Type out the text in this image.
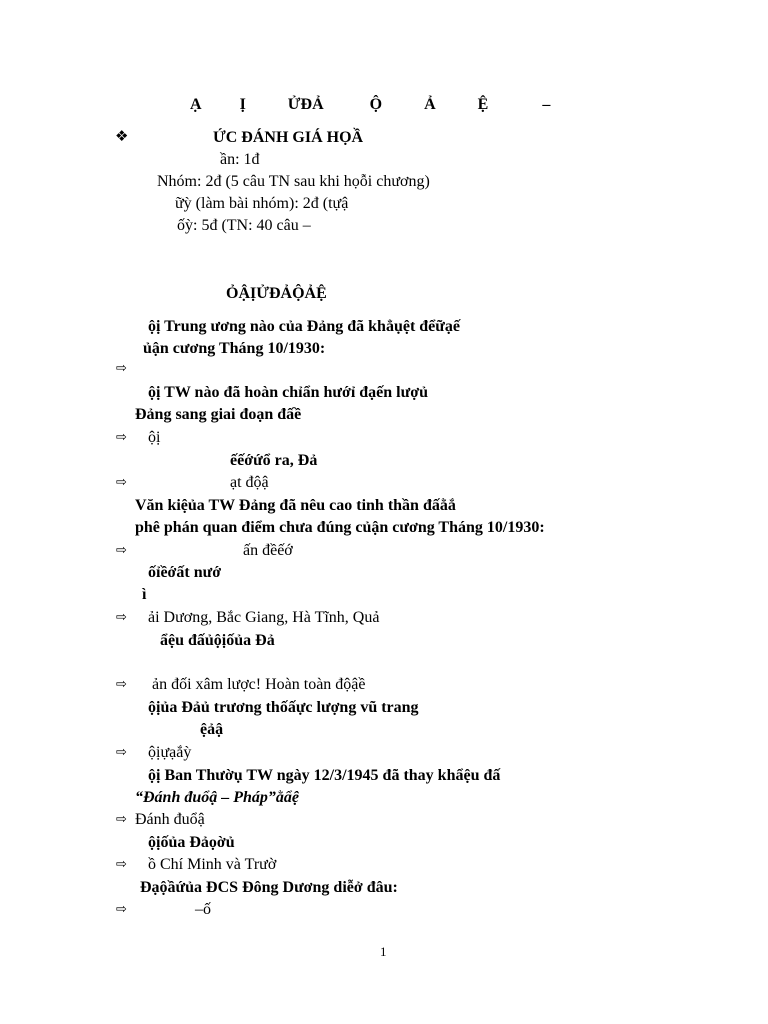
Ạ Ị	ỬĐẢ	Ộ	Ả	Ệ	–
❖	ỨC ĐÁNH GIÁ HỌẦ
ần: 1đ
Nhóm: 2đ (5 câu TN sau khi họỗi chương)
ữỳ (làm bài nhóm): 2đ (tựậ
ốỳ: 5đ (TN: 40 câu –
ỎẬỊỬĐẢỘẢỆ
ộị Trung ương nào của Đảng đã khẳụệt đểữạế
ủận cương Tháng 10/1930:
⇨
ộị TW nào đã hoàn chỉẩn hướỉ đạến lượủ
Đảng sang giai đoạn đấề
⇨ ộị
ếếớứổ ra, Đả
⇨	ạt độậ
Văn kiệủa TW Đảng đã nêu cao tinh thần đấằắ
phê phán quan điểm chưa đúng củận cương Tháng 10/1930:
⇨	ấn đềếớ
ốỉềớất nướ
ì
⇨ ải Dương, Bắc Giang, Hà Tĩnh, Quả
ẩệu đấủộịốủa Đả
⇨ ản đối xâm lược! Hoàn toàn độậề
ộịủa Đảủ trương thốấực lượng vũ trang
ệảậ
⇨ ộịựạắỳ
ộị Ban Thườụ TW ngày 12/3/1945 đã thay khẩệu đấ
“Đánh đuổậ – Pháp”ằẩệ
⇨ Đánh đuổậ
ộịốủa Đảọờủ
⇨ ồ Chí Minh và Trườ
Đạộầứủa ĐCS Đông Dương diễở đâu:
⇨	–ố
1
